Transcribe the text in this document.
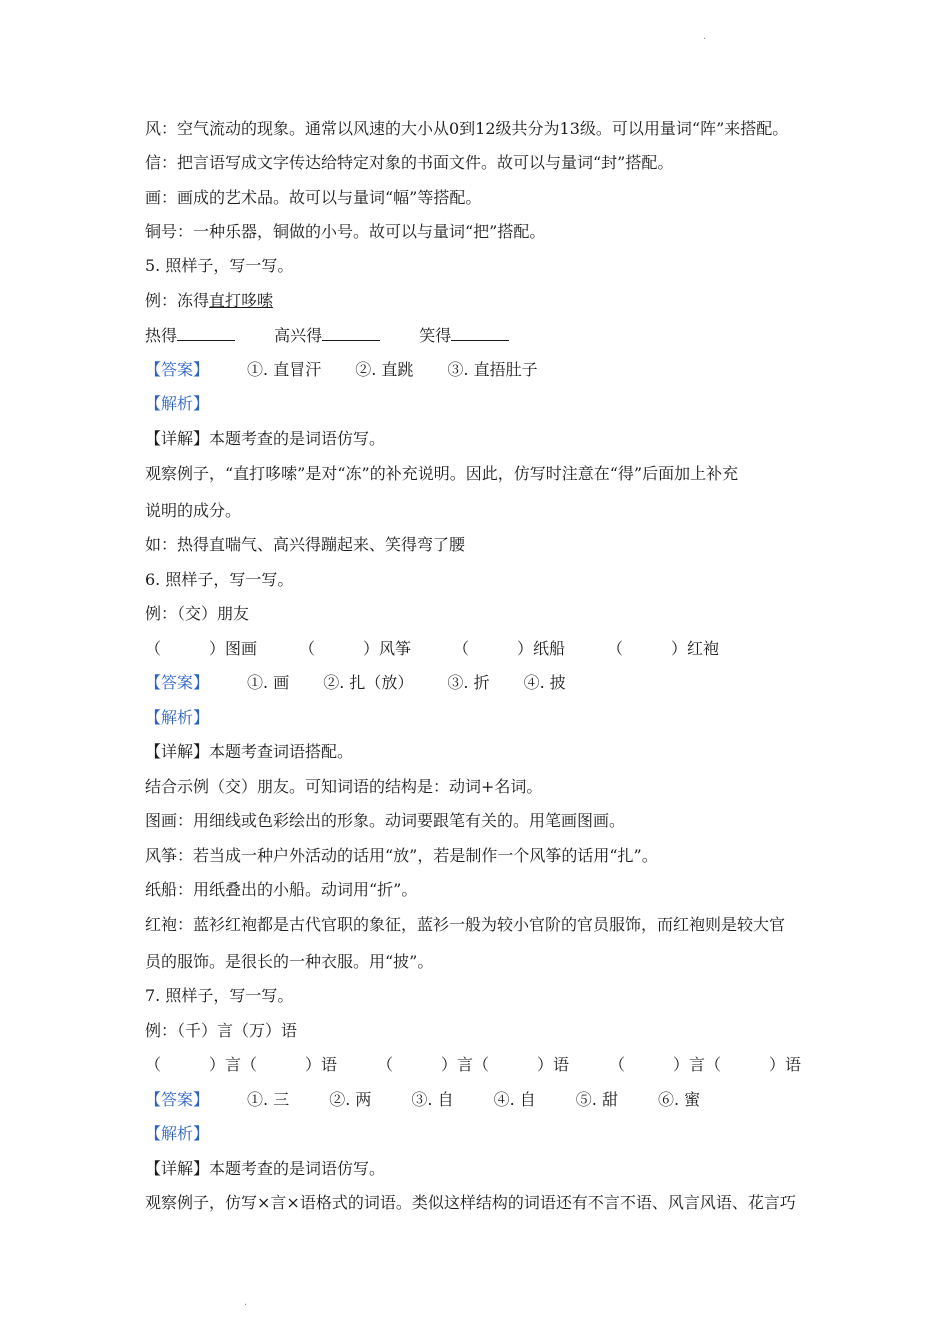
·
·
风：空气流动的现象。通常以风速的大小从0到12级共分为13级。可以用量词“阵”来搭配。
信：把言语写成文字传达给特定对象的书面文件。故可以与量词“封”搭配。
画：画成的艺术品。故可以与量词“幅”等搭配。
铜号：一种乐器，铜做的小号。故可以与量词“把”搭配。
5. 照样子，写一写。
例：冻得直打哆嗦
热得	高兴得	笑得
【答案】 ①. 直冒汗 ②. 直跳 ③. 直捂肚子
【解析】
【详解】本题考查的是词语仿写。
观察例子，“直打哆嗦”是对“冻”的补充说明。因此，仿写时注意在“得”后面加上补充
说明的成分。
如：热得直喘气、高兴得蹦起来、笑得弯了腰
6. 照样子，写一写。
例：（交）朋友
（　　　）图画	（　　　）风筝	（　　　）纸船	（　　　）红袍
【答案】 ①. 画 ②. 扎（放） ③. 折 ④. 披
【解析】
【详解】本题考查词语搭配。
结合示例（交）朋友。可知词语的结构是：动词+名词。
图画：用细线或色彩绘出的形象。动词要跟笔有关的。用笔画图画。
风筝：若当成一种户外活动的话用“放”，若是制作一个风筝的话用“扎”。
纸船：用纸叠出的小船。动词用“折”。
红袍：蓝衫红袍都是古代官职的象征，蓝衫一般为较小官阶的官员服饰，而红袍则是较大官
员的服饰。是很长的一种衣服。用“披”。
7. 照样子，写一写。
例：（千）言（万）语
（　　　）言（　　　）语	（　　　）言（　　　）语	（　　　）言（　　　）语
【答案】 ①. 三	②. 两	③. 自	④. 自	⑤. 甜	⑥. 蜜
【解析】
【详解】本题考查的是词语仿写。
观察例子，仿写×言×语格式的词语。类似这样结构的词语还有不言不语、风言风语、花言巧
